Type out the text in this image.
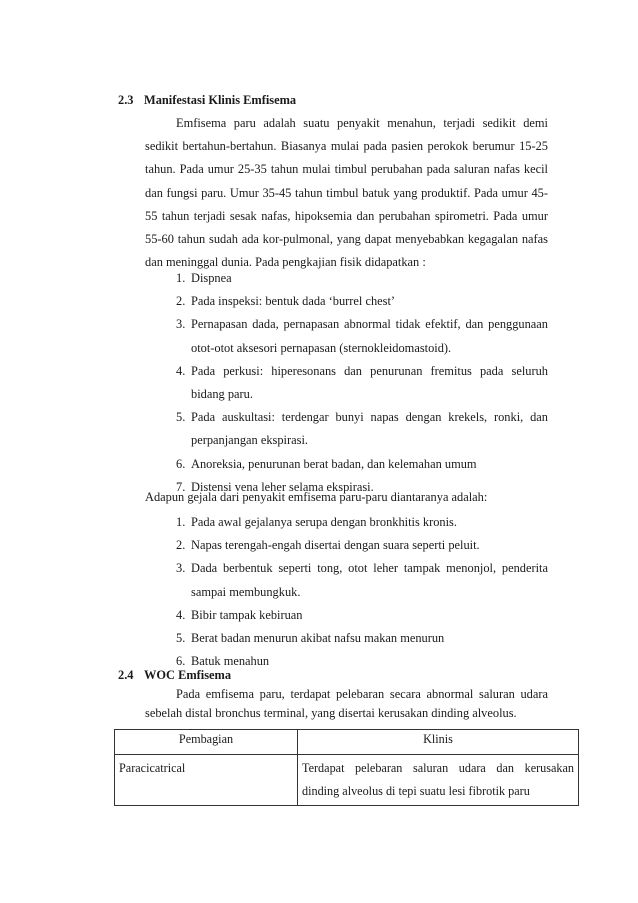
2.3 Manifestasi Klinis Emfisema

Emfisema paru adalah suatu penyakit menahun, terjadi sedikit demi sedikit bertahun-bertahun. Biasanya mulai pada pasien perokok berumur 15-25 tahun. Pada umur 25-35 tahun mulai timbul perubahan pada saluran nafas kecil dan fungsi paru. Umur 35-45 tahun timbul batuk yang produktif. Pada umur 45-55 tahun terjadi sesak nafas, hipoksemia dan perubahan spirometri. Pada umur 55-60 tahun sudah ada kor-pulmonal, yang dapat menyebabkan kegagalan nafas dan meninggal dunia. Pada pengkajian fisik didapatkan :

1. Dispnea
2. Pada inspeksi: bentuk dada ‘burrel chest’
3. Pernapasan dada, pernapasan abnormal tidak efektif, dan penggunaan otot-otot aksesori pernapasan (sternokleidomastoid).
4. Pada perkusi: hiperesonans dan penurunan fremitus pada seluruh bidang paru.
5. Pada auskultasi: terdengar bunyi napas dengan krekels, ronki, dan perpanjangan ekspirasi.
6. Anoreksia, penurunan berat badan, dan kelemahan umum
7. Distensi vena leher selama ekspirasi.
Adapun gejala dari penyakit emfisema paru-paru diantaranya adalah:
1. Pada awal gejalanya serupa dengan bronkhitis kronis.
2. Napas terengah-engah disertai dengan suara seperti peluit.
3. Dada berbentuk seperti tong, otot leher tampak menonjol, penderita sampai membungkuk.
4. Bibir tampak kebiruan
5. Berat badan menurun akibat nafsu makan menurun
6. Batuk menahun
2.4 WOC Emfisema

Pada emfisema paru, terdapat pelebaran secara abnormal saluran udara sebelah distal bronchus terminal, yang disertai kerusakan dinding alveolus.

Pembagian	Klinis
Paracicatrical	Terdapat pelebaran saluran udara dan kerusakan dinding alveolus di tepi suatu lesi fibrotik paru
